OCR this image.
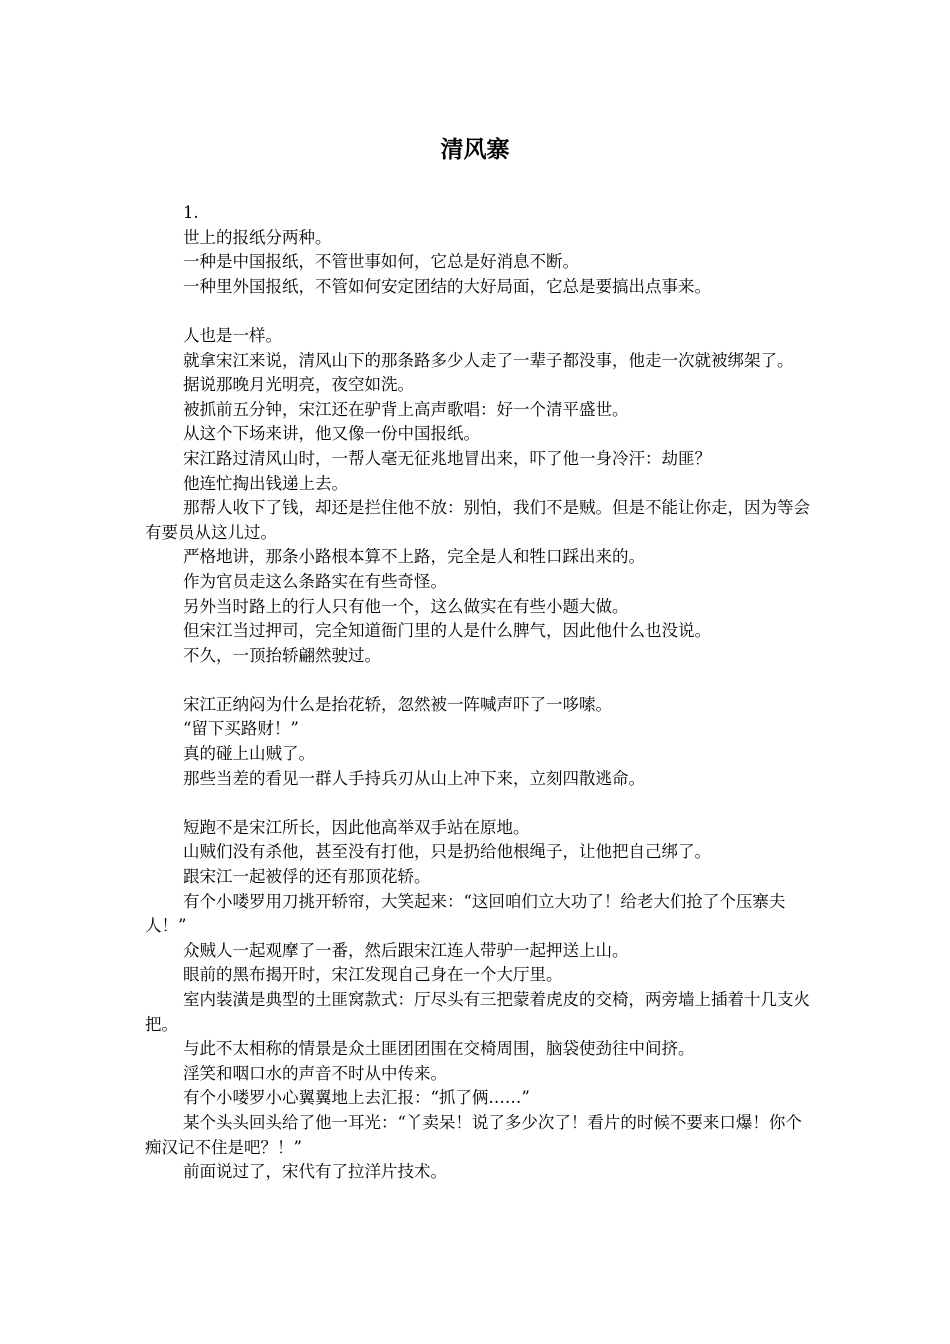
清风寨

1.

世上的报纸分两种。

一种是中国报纸，不管世事如何，它总是好消息不断。

一种里外国报纸，不管如何安定团结的大好局面，它总是要搞出点事来。

人也是一样。

就拿宋江来说，清风山下的那条路多少人走了一辈子都没事，他走一次就被绑架了。

据说那晚月光明亮，夜空如洗。

被抓前五分钟，宋江还在驴背上高声歌唱：好一个清平盛世。

从这个下场来讲，他又像一份中国报纸。

宋江路过清风山时，一帮人毫无征兆地冒出来，吓了他一身冷汗：劫匪？

他连忙掏出钱递上去。

那帮人收下了钱，却还是拦住他不放：别怕，我们不是贼。但是不能让你走，因为等会有要员从这儿过。

严格地讲，那条小路根本算不上路，完全是人和牲口踩出来的。

作为官员走这么条路实在有些奇怪。

另外当时路上的行人只有他一个，这么做实在有些小题大做。

但宋江当过押司，完全知道衙门里的人是什么脾气，因此他什么也没说。

不久，一顶抬轿翩然驶过。

宋江正纳闷为什么是抬花轿，忽然被一阵喊声吓了一哆嗦。

“留下买路财！”

真的碰上山贼了。

那些当差的看见一群人手持兵刃从山上冲下来，立刻四散逃命。

短跑不是宋江所长，因此他高举双手站在原地。

山贼们没有杀他，甚至没有打他，只是扔给他根绳子，让他把自己绑了。

跟宋江一起被俘的还有那顶花轿。

有个小喽罗用刀挑开轿帘，大笑起来：“这回咱们立大功了！给老大们抢了个压寨夫人！”

众贼人一起观摩了一番，然后跟宋江连人带驴一起押送上山。

眼前的黑布揭开时，宋江发现自己身在一个大厅里。

室内装潢是典型的土匪窝款式：厅尽头有三把蒙着虎皮的交椅，两旁墙上插着十几支火把。

与此不太相称的情景是众土匪团团围在交椅周围，脑袋使劲往中间挤。

淫笑和咽口水的声音不时从中传来。

有个小喽罗小心翼翼地上去汇报：“抓了俩……”

某个头头回头给了他一耳光：“丫卖呆！说了多少次了！看片的时候不要来口爆！你个痴汉记不住是吧？！”

前面说过了，宋代有了拉洋片技术。
